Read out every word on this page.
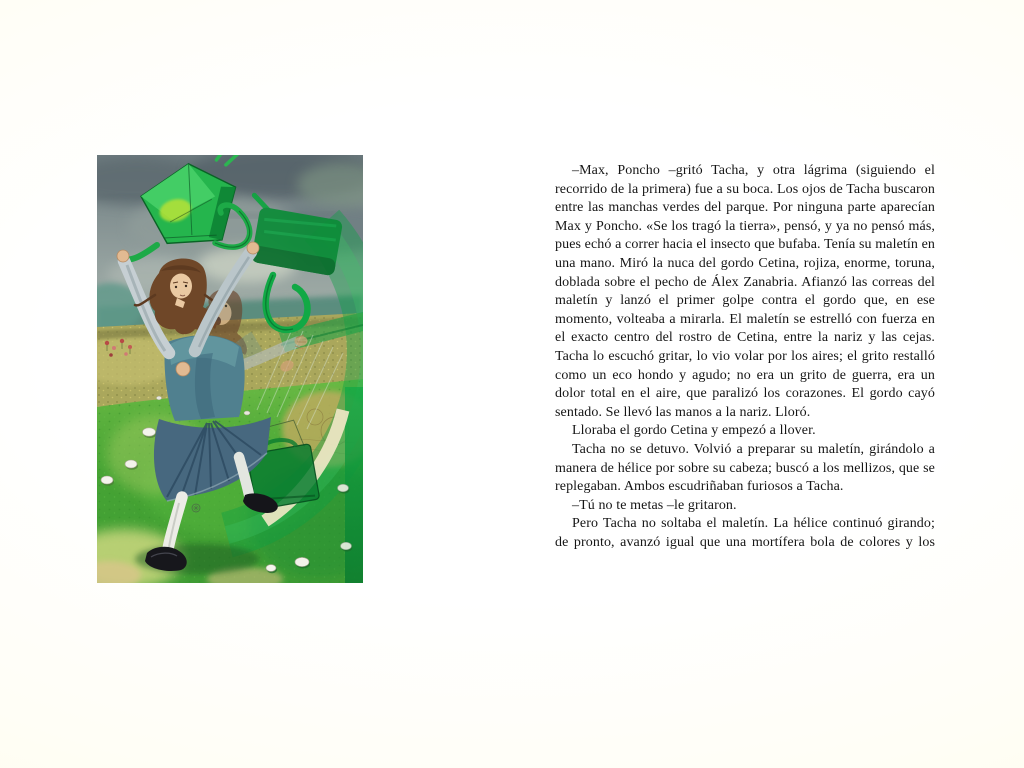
–Max, Poncho –gritó Tacha, y otra lágrima (siguiendo el recorrido de la primera) fue a su boca. Los ojos de Tacha buscaron entre las manchas verdes del parque. Por ninguna parte aparecían Max y Poncho. «Se los tragó la tierra», pensó, y ya no pensó más, pues echó a correr hacia el insecto que bufaba. Tenía su maletín en una mano. Miró la nuca del gordo Cetina, rojiza, enorme, toruna, doblada sobre el pecho de Álex Zanabria. Afianzó las correas del maletín y lanzó el primer golpe contra el gordo que, en ese momento, volteaba a mirarla. El maletín se estrelló con fuerza en el exacto centro del rostro de Cetina, entre la nariz y las cejas. Tacha lo escuchó gritar, lo vio volar por los aires; el grito restalló como un eco hondo y agudo; no era un grito de guerra, era un dolor total en el aire, que paralizó los corazones. El gordo cayó sentado. Se llevó las manos a la nariz. Lloró.

Lloraba el gordo Cetina y empezó a llover.

Tacha no se detuvo. Volvió a preparar su maletín, girándolo a manera de hélice por sobre su cabeza; buscó a los mellizos, que se replegaban. Ambos escudriñaban furiosos a Tacha.

–Tú no te metas –le gritaron.

Pero Tacha no soltaba el maletín. La hélice continuó girando; de pronto, avanzó igual que una mortífera bola de colores y los
